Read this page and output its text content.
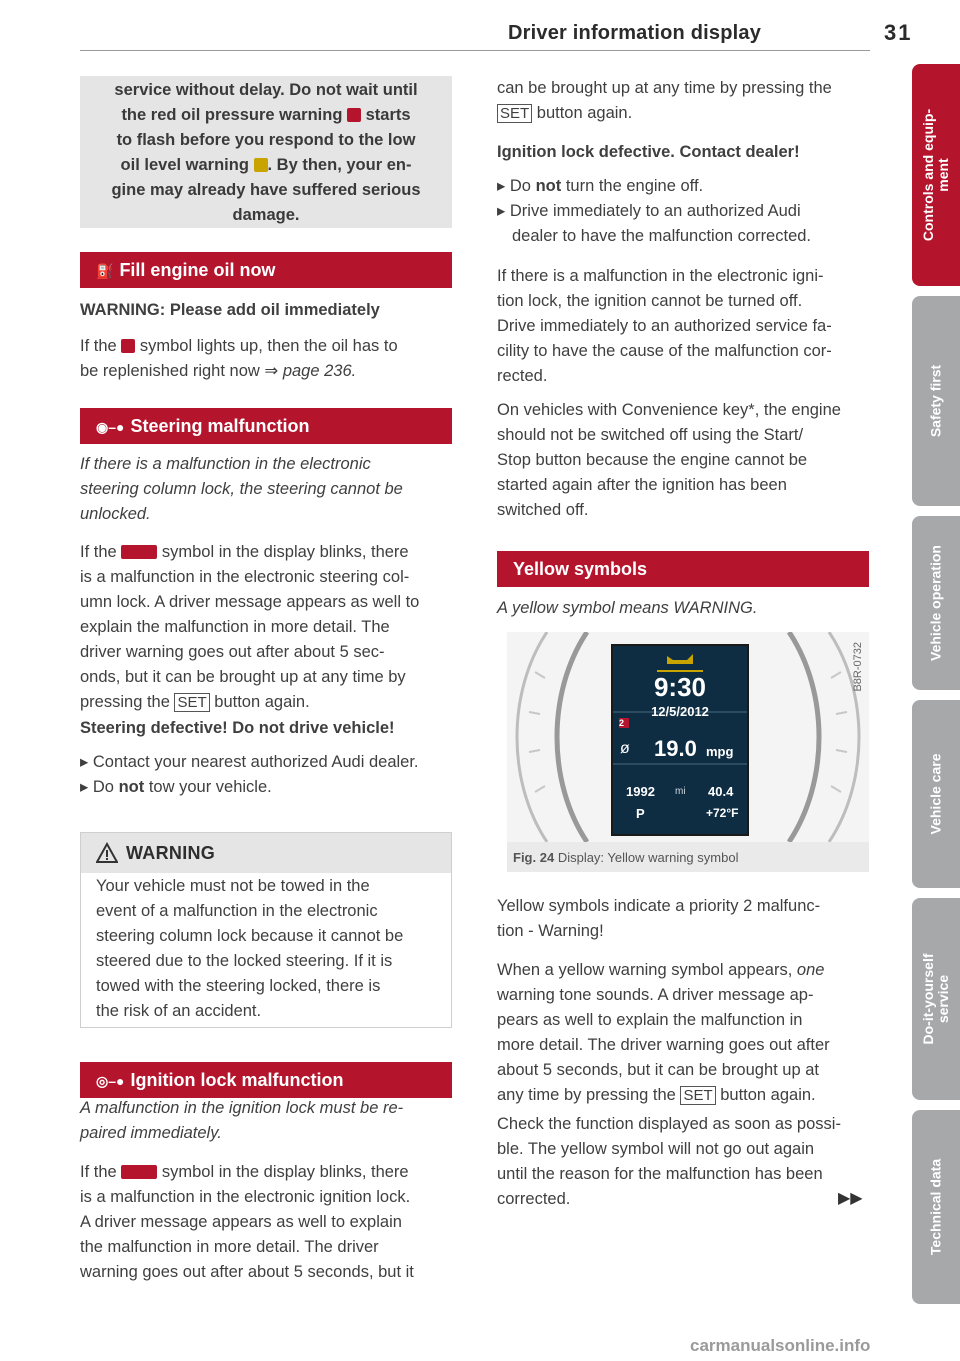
Driver information display	31
service without delay. Do not wait until
the red oil pressure warning starts
to flash before you respond to the low
oil level warning . By then, your en-
gine may already have suffered serious
damage.
⛽ Fill engine oil now
WARNING: Please add oil immediately
If the symbol lights up, then the oil has to
be replenished right now ⇒ page 236.
◉–● Steering malfunction
If there is a malfunction in the electronic
steering column lock, the steering cannot be
unlocked.
If the	symbol in the display blinks, there
is a malfunction in the electronic steering col-
umn lock. A driver message appears as well to
explain the malfunction in more detail. The
driver warning goes out after about 5 sec-
onds, but it can be brought up at any time by
pressing the SET button again.
Steering defective! Do not drive vehicle!
▸ Contact your nearest authorized Audi dealer.
▸ Do not tow your vehicle.
WARNING
Your vehicle must not be towed in the
event of a malfunction in the electronic
steering column lock because it cannot be
steered due to the locked steering. If it is
towed with the steering locked, there is
the risk of an accident.
◎–● Ignition lock malfunction
A malfunction in the ignition lock must be re-
paired immediately.
If the	symbol in the display blinks, there
is a malfunction in the electronic ignition lock.
A driver message appears as well to explain
the malfunction in more detail. The driver
warning goes out after about 5 seconds, but it
can be brought up at any time by pressing the
SET button again.
Ignition lock defective. Contact dealer!
▸ Do not turn the engine off.
▸ Drive immediately to an authorized Audi
dealer to have the malfunction corrected.
If there is a malfunction in the electronic igni-
tion lock, the ignition cannot be turned off.
Drive immediately to an authorized service fa-
cility to have the cause of the malfunction cor-
rected.
On vehicles with Convenience key*, the engine
should not be switched off using the Start/
Stop button because the engine cannot be
started again after the ignition has been
switched off.
Yellow symbols
A yellow symbol means WARNING.
9:30
12/5/2012
2
ø 19.0 mpg
1992 mi 40.4
P	+72°F
B8R-0732
Fig. 24 Display: Yellow warning symbol
Yellow symbols indicate a priority 2 malfunc-
tion - Warning!
When a yellow warning symbol appears, one
warning tone sounds. A driver message ap-
pears as well to explain the malfunction in
more detail. The driver warning goes out after
about 5 seconds, but it can be brought up at
any time by pressing the SET button again.
Check the function displayed as soon as possi-
ble. The yellow symbol will not go out again
until the reason for the malfunction has been
corrected.	▶▶
Controls and equip-
ment
Safety first
Vehicle operation
Vehicle care
Do-it-yourself
service
Technical data
carmanualsonline.info
